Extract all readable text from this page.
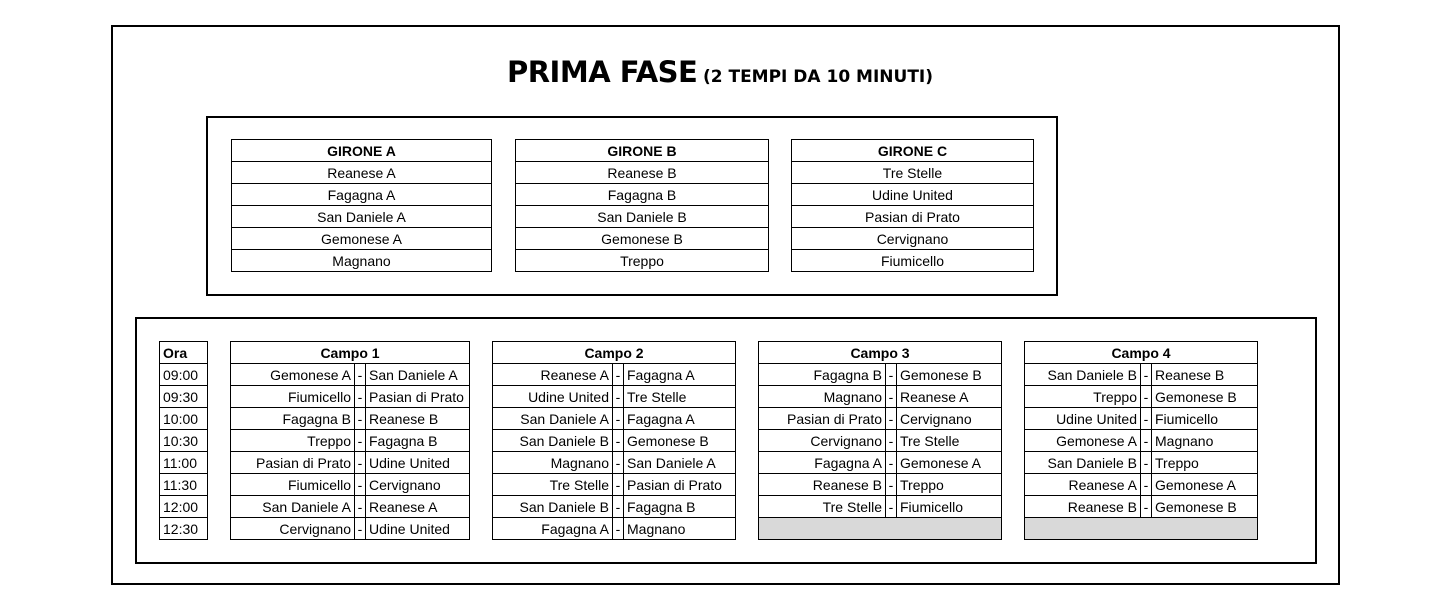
PRIMA FASE (2 TEMPI DA 10 MINUTI)
GIRONE A
Reanese A
Fagagna A
San Daniele A
Gemonese A
Magnano
GIRONE B
Reanese B
Fagagna B
San Daniele B
Gemonese B
Treppo
GIRONE C
Tre Stelle
Udine United
Pasian di Prato
Cervignano
Fiumicello
Ora		Campo 1				Campo 2				Campo 3				Campo 4		
09:00		Gemonese A	-	San Daniele A		Reanese A	-	Fagagna A		Fagagna B	-	Gemonese B		San Daniele B	-	Reanese B
09:30		Fiumicello	-	Pasian di Prato		Udine United	-	Tre Stelle		Magnano	-	Reanese A		Treppo	-	Gemonese B
10:00		Fagagna B	-	Reanese B		San Daniele A	-	Fagagna A		Pasian di Prato	-	Cervignano		Udine United	-	Fiumicello
10:30		Treppo	-	Fagagna B		San Daniele B	-	Gemonese B		Cervignano	-	Tre Stelle		Gemonese A	-	Magnano
11:00		Pasian di Prato	-	Udine United		Magnano	-	San Daniele A		Fagagna A	-	Gemonese A		San Daniele B	-	Treppo
11:30		Fiumicello	-	Cervignano		Tre Stelle	-	Pasian di Prato		Reanese B	-	Treppo		Reanese A	-	Gemonese A
12:00		San Daniele A	-	Reanese A		San Daniele B	-	Fagagna B		Tre Stelle	-	Fiumicello		Reanese B	-	Gemonese B
12:30		Cervignano	-	Udine United		Fagagna A	-	Magnano								
